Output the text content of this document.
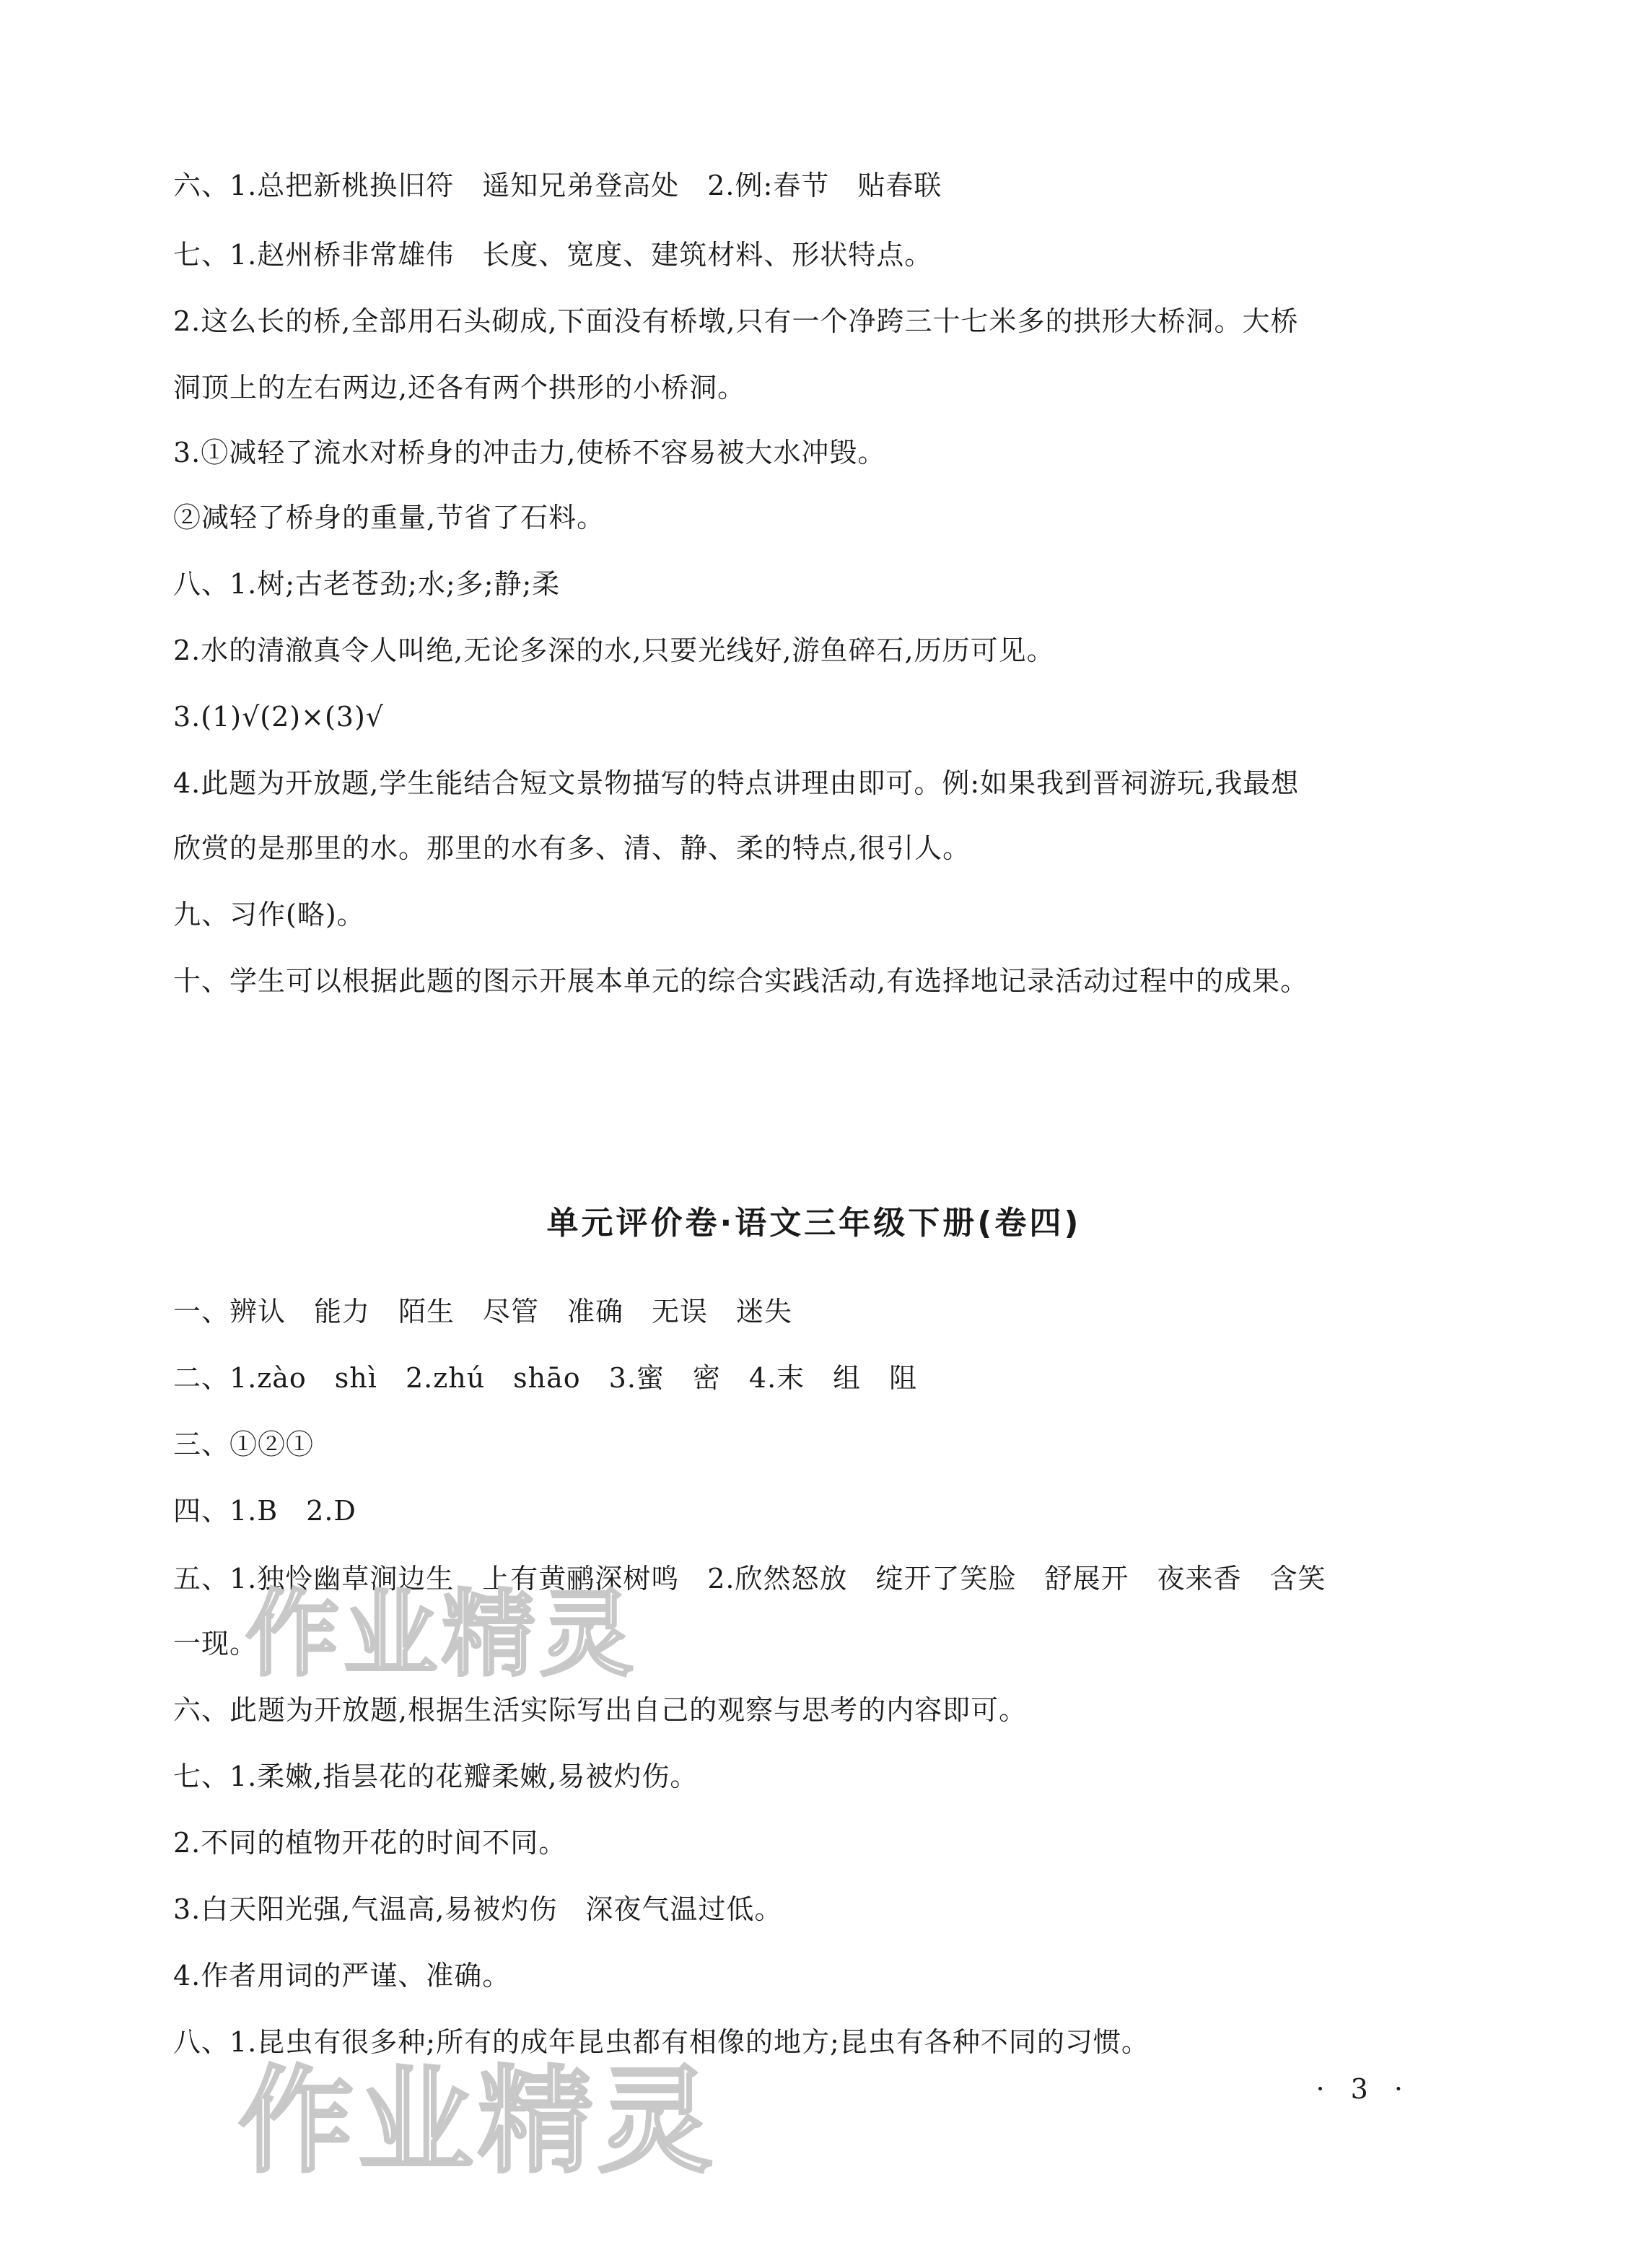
六、1.总把新桃换旧符　遥知兄弟登高处　2.例:春节　贴春联
七、1.赵州桥非常雄伟　长度、宽度、建筑材料、形状特点。
2.这么长的桥,全部用石头砌成,下面没有桥墩,只有一个净跨三十七米多的拱形大桥洞。大桥
洞顶上的左右两边,还各有两个拱形的小桥洞。
3.①减轻了流水对桥身的冲击力,使桥不容易被大水冲毁。
②减轻了桥身的重量,节省了石料。
八、1.树;古老苍劲;水;多;静;柔
2.水的清澈真令人叫绝,无论多深的水,只要光线好,游鱼碎石,历历可见。
3.(1)√(2)×(3)√
4.此题为开放题,学生能结合短文景物描写的特点讲理由即可。例:如果我到晋祠游玩,我最想
欣赏的是那里的水。那里的水有多、清、静、柔的特点,很引人。
九、习作(略)。
十、学生可以根据此题的图示开展本单元的综合实践活动,有选择地记录活动过程中的成果。
单元评价卷·语文三年级下册(卷四)
一、辨认　能力　陌生　尽管　准确　无误　迷失
二、1.zào　shì　2.zhú　shāo　3.蜜　密　4.末　组　阻
三、①②①
四、1.B　2.D
五、1.独怜幽草涧边生　上有黄鹂深树鸣　2.欣然怒放　绽开了笑脸　舒展开　夜来香　含笑
一现。
六、此题为开放题,根据生活实际写出自己的观察与思考的内容即可。
七、1.柔嫩,指昙花的花瓣柔嫩,易被灼伤。
2.不同的植物开花的时间不同。
3.白天阳光强,气温高,易被灼伤　深夜气温过低。
4.作者用词的严谨、准确。
八、1.昆虫有很多种;所有的成年昆虫都有相像的地方;昆虫有各种不同的习惯。
· 3 ·
作业精灵
作业精灵
